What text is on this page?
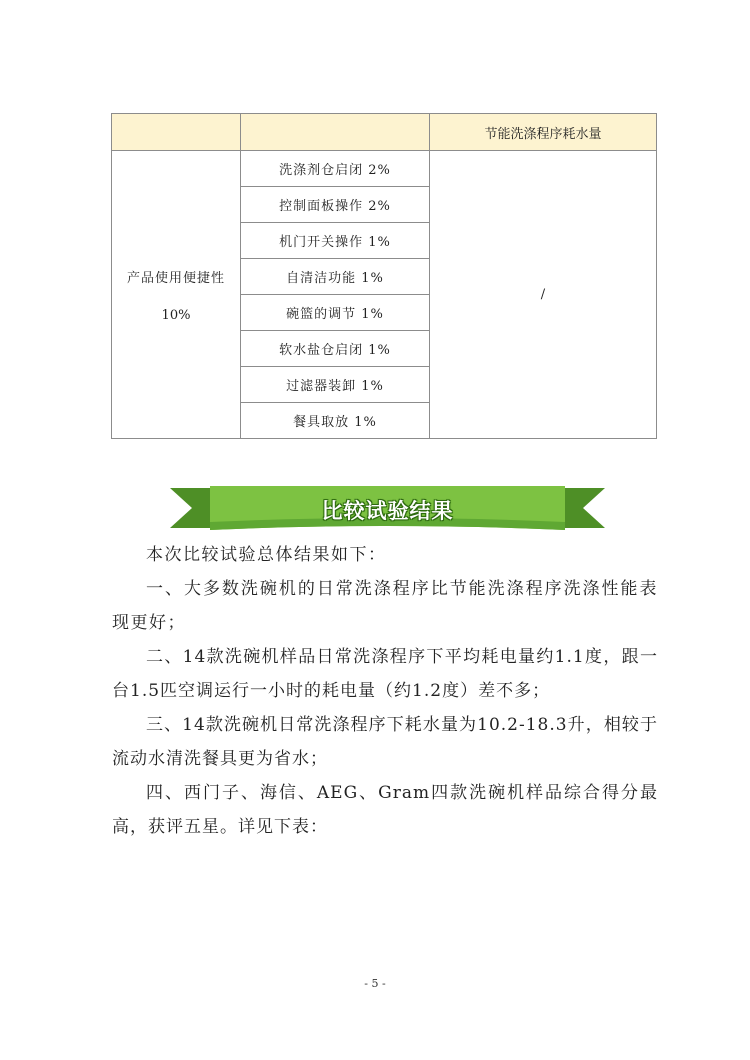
		节能洗涤程序耗水量

产品使用便捷性
10%	洗涤剂仓启闭 2%	/
	控制面板操作 2%	
	机门开关操作 1%	
	自清洁功能 1%	
	碗篮的调节 1%	
	软水盐仓启闭 1%	
	过滤器装卸 1%	
	餐具取放 1%	
比较试验结果

本次比较试验总体结果如下：

一、大多数洗碗机的日常洗涤程序比节能洗涤程序洗涤性能表现更好；

二、14款洗碗机样品日常洗涤程序下平均耗电量约1.1度，跟一台1.5匹空调运行一小时的耗电量（约1.2度）差不多；

三、14款洗碗机日常洗涤程序下耗水量为10.2-18.3升，相较于流动水清洗餐具更为省水；

四、西门子、海信、AEG、Gram四款洗碗机样品综合得分最高，获评五星。详见下表：

- 5 -
